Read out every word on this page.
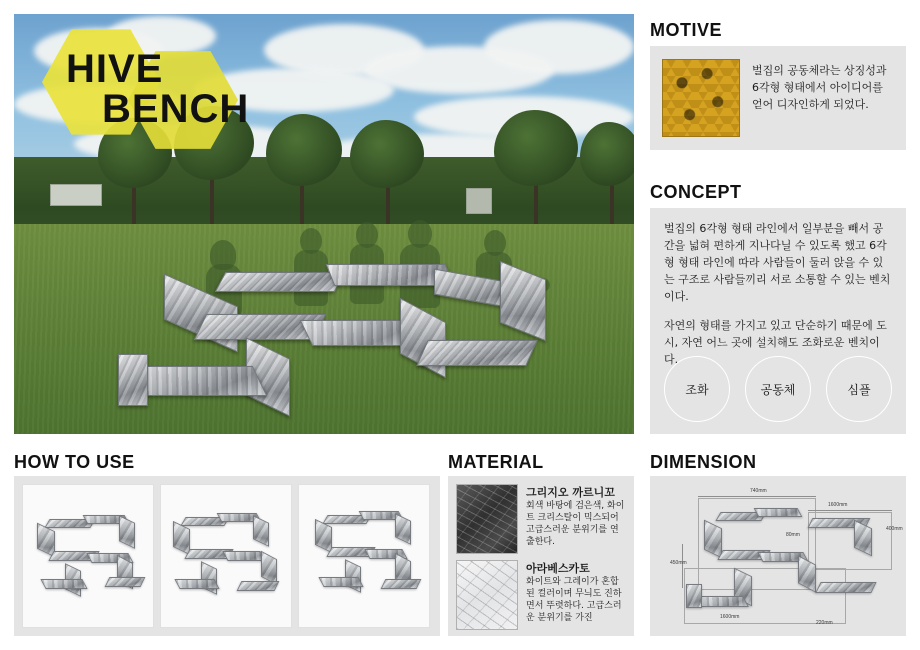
HIVE
BENCH
MOTIVE
벌집의 공동체라는 상징성과 6각형 형태에서 아이디어를 얻어 디자인하게 되었다.
CONCEPT

벌집의 6각형 형태 라인에서 일부분을 빼서 공간을 넓혀 편하게 지나다닐 수 있도록 했고 6각형 형태 라인에 따라 사람들이 둘러 앉을 수 있는 구조로 사람들끼리 서로 소통할 수 있는 벤치이다.

자연의 형태를 가지고 있고 단순하기 때문에 도시, 자연 어느 곳에 설치해도 조화로운 벤치이다.

조화	공동체	심플
HOW TO USE	MATERIAL
그리지오 까르니꼬
회색 바탕에 검은색, 화이트 크리스탈이 믹스되어 고급스러운 분위기를 연출한다.
아라베스카토
화이트와 그레이가 혼합된 컬러이며 무늬도 진하면서 뚜렷하다. 고급스러운 분위기를 가진
DIMENSION
740mm
1600mm
400mm
80mm
450mm
1600mm
220mm
